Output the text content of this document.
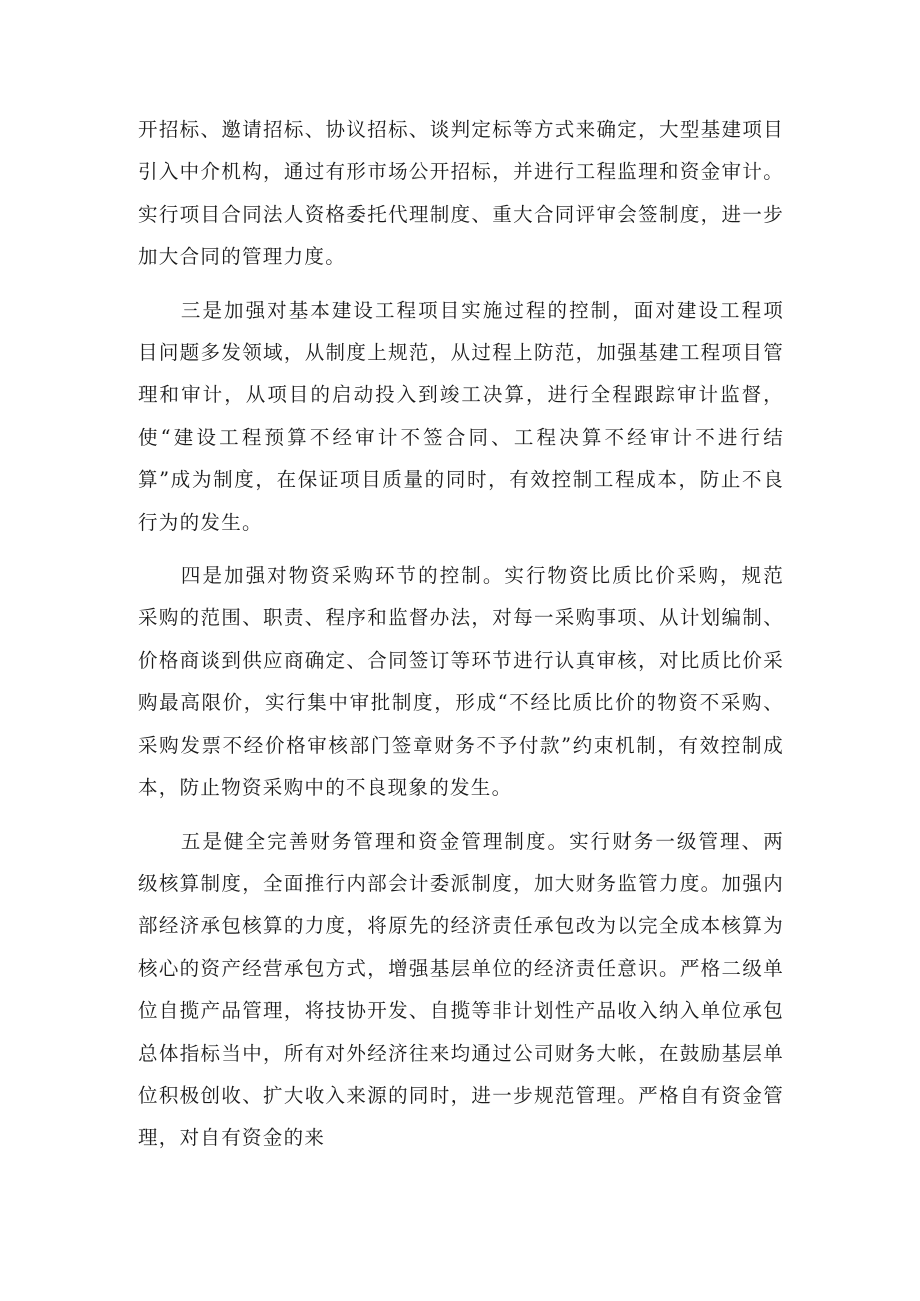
开招标、邀请招标、协议招标、谈判定标等方式来确定，大型基建项目引入中介机构，通过有形市场公开招标，并进行工程监理和资金审计。实行项目合同法人资格委托代理制度、重大合同评审会签制度，进一步加大合同的管理力度。

三是加强对基本建设工程项目实施过程的控制，面对建设工程项目问题多发领域，从制度上规范，从过程上防范，加强基建工程项目管理和审计，从项目的启动投入到竣工决算，进行全程跟踪审计监督，使“建设工程预算不经审计不签合同、工程决算不经审计不进行结算”成为制度，在保证项目质量的同时，有效控制工程成本，防止不良行为的发生。

四是加强对物资采购环节的控制。实行物资比质比价采购，规范采购的范围、职责、程序和监督办法，对每一采购事项、从计划编制、价格商谈到供应商确定、合同签订等环节进行认真审核，对比质比价采购最高限价，实行集中审批制度，形成“不经比质比价的物资不采购、采购发票不经价格审核部门签章财务不予付款”约束机制，有效控制成本，防止物资采购中的不良现象的发生。

五是健全完善财务管理和资金管理制度。实行财务一级管理、两级核算制度，全面推行内部会计委派制度，加大财务监管力度。加强内部经济承包核算的力度，将原先的经济责任承包改为以完全成本核算为核心的资产经营承包方式，增强基层单位的经济责任意识。严格二级单位自揽产品管理，将技协开发、自揽等非计划性产品收入纳入单位承包总体指标当中，所有对外经济往来均通过公司财务大帐，在鼓励基层单位积极创收、扩大收入来源的同时，进一步规范管理。严格自有资金管理，对自有资金的来
